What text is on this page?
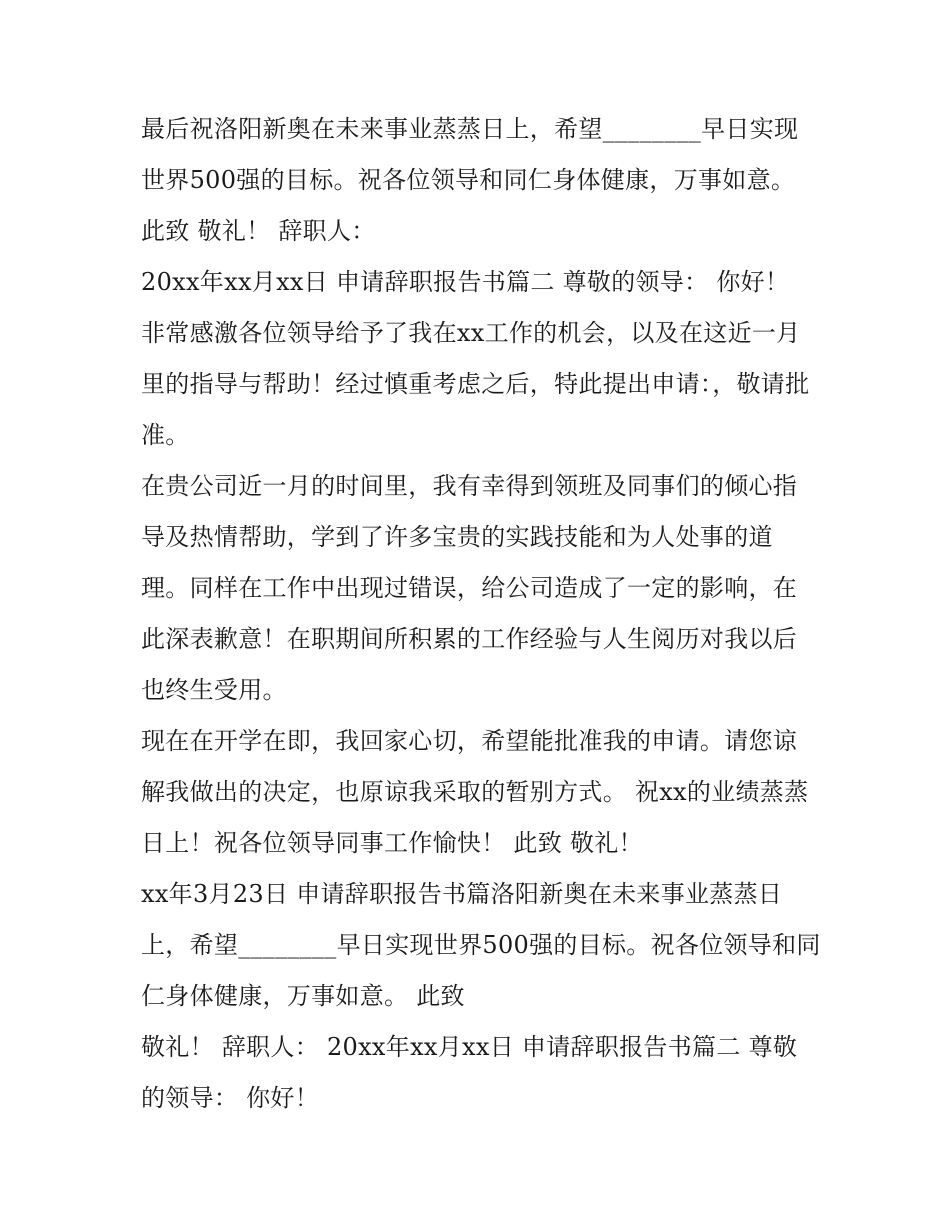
最后祝洛阳新奥在未来事业蒸蒸日上，希望________早日实现世界500强的目标。祝各位领导和同仁身体健康，万事如意。

此致 敬礼！ 辞职人：

20xx年xx月xx日 申请辞职报告书篇二 尊敬的领导： 你好！

非常感激各位领导给予了我在xx工作的机会，以及在这近一月里的指导与帮助！经过慎重考虑之后，特此提出申请：，敬请批准。

在贵公司近一月的时间里，我有幸得到领班及同事们的倾心指导及热情帮助，学到了许多宝贵的实践技能和为人处事的道理。同样在工作中出现过错误，给公司造成了一定的影响，在此深表歉意！在职期间所积累的工作经验与人生阅历对我以后也终生受用。

现在在开学在即，我回家心切，希望能批准我的申请。请您谅解我做出的决定，也原谅我采取的暂别方式。 祝xx的业绩蒸蒸日上！祝各位领导同事工作愉快！ 此致 敬礼！

xx年3月23日 申请辞职报告书篇洛阳新奥在未来事业蒸蒸日上，希望________早日实现世界500强的目标。祝各位领导和同仁身体健康，万事如意。 此致

敬礼！ 辞职人： 20xx年xx月xx日 申请辞职报告书篇二 尊敬的领导： 你好！
